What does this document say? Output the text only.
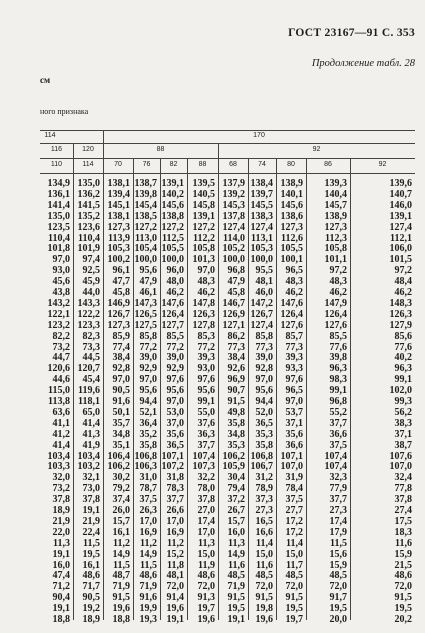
ГОСТ 23167—91 С. 353
Продолжение табл. 28
см
ного признака
114	170
116	120	88	92
110	114	70	76	82	88	68	74	80	86	92
134,9 135,0 138,1 138,7 139,1 139,5 137,9 138,4 138,9	139,3	139,6
136,1 136,2 139,4 139,8 140,2 140,5 139,2 139,7 140,1	140,4	140,7
141,4 141,5 145,1 145,4 145,6 145,8 145,3 145,5 145,6	145,7	146,0
135,0 135,2 138,1 138,5 138,8 139,1 137,8 138,3 138,6	138,9	139,1
123,5 123,6 127,3 127,2 127,2 127,2 127,4 127,4 127,3	127,3	127,4
110,4 110,4 113,9 113,0 112,5 112,2 114,0 113,1 112,6	112,3	112,1
101,8 101,9 105,3 105,4 105,5 105,8 105,2 105,3 105,5	105,8	106,0
97,0	97,4 100,2 100,0 100,0 101,3 100,0 100,0 100,1	101,1	101,5
93,0	92,5	96,1 95,6 96,0	97,0	96,8	95,5	96,5	97,2	97,2
45,6	45,9	47,7 47,9 48,0	48,3	47,9	48,1	48,3	48,3	48,4
43,8	44,0	45,8 46,1 46,2	46,2	45,8	46,0	46,2	46,2	46,2
143,2 143,3 146,9 147,3 147,6 147,8 146,7 147,2 147,6	147,9	148,3
122,1 122,2 126,7 126,5 126,4 126,3 126,9 126,7 126,4	126,4	126,3
123,2 123,3 127,3 127,5 127,7 127,8 127,1 127,4 127,6	127,6	127,9
82,2	82,3	85,9 85,8 85,5	85,3	86,2	85,8	85,7	85,5	85,6
73,2	73,3	77,4 77,2 77,2	77,2	77,3	77,3	77,3	77,6	77,6
44,7	44,5	38,4 39,0 39,0	39,3	38,4	39,0	39,3	39,8	40,2
120,6 120,7	92,8 92,9 92,9	93,0	92,6	92,8	93,3	96,3	96,3
44,6	45,4	97,0 97,0 97,6	97,6	96,9	97,0	97,6	98,3	99,1
115,0 119,6	90,5 95,6 95,6	95,6	90,7	95,6	96,5	99,1	102,0
113,8 118,1	91,6 94,4 97,0	99,1	91,5	94,4	97,0	96,8	99,3
63,6	65,0	50,1 52,1 53,0	55,0	49,8	52,0	53,7	55,2	56,2
41,1	41,4	35,7 36,4 37,0	37,6	35,8	36,5	37,1	37,7	38,3
41,2	41,3	34,8 35,2 35,6	36,3	34,8	35,3	35,6	36,6	37,1
41,4	41,9	35,1 35,8 36,5	37,7	35,3	35,8	36,6	37,5	38,7
103,4 103,4 106,4 106,8 107,1 107,4 106,2 106,8 107,1	107,4	107,6
103,3 103,2 106,2 106,3 107,2 107,3 105,9 106,7 107,0	107,4	107,0
32,0	32,1	30,2 31,0 31,8	32,2	30,4	31,2	31,9	32,3	32,4
73,2	73,0	79,2 78,7 78,3	78,0	79,4	78,9	78,4	77,9	77,8
37,8	37,8	37,4 37,5 37,7	37,8	37,2	37,3	37,5	37,7	37,8
18,9	19,1	26,0 26,3 26,6	27,0	26,7	27,3	27,7	27,3	27,4
21,9	21,9	15,7 17,0 17,0	17,4	15,7	16,5	17,2	17,4	17,5
22,0	22,4	16,1 16,9 16,9	17,0	16,0	16,6	17,2	17,9	18,3
11,3	11,5	11,2	11,2	11,2	11,3	11,3	11,4	11,4	11,5	11,6
19,1	19,5	14,9 14,9 15,2	15,0	14,9	15,0	15,0	15,6	15,9
16,0	16,1	11,5	11,5	11,8	11,9	11,6	11,6	11,7	15,9	21,5
47,4	48,6	48,7 48,6 48,1	48,6	48,5	48,5	48,5	48,5	48,6
71,2	71,7	71,9 71,9 72,0	72,0	71,9	72,0	72,0	72,0	72,0
90,4	90,5	91,5 91,6 91,4	91,3	91,5	91,5	91,5	91,7	91,5
19,1	19,2	19,6 19,9 19,6	19,7	19,5	19,8	19,5	19,5	19,5
18,8	18,9	18,8 19,3 19,1	19,6	19,1	19,6	19,7	20,0	20,2
